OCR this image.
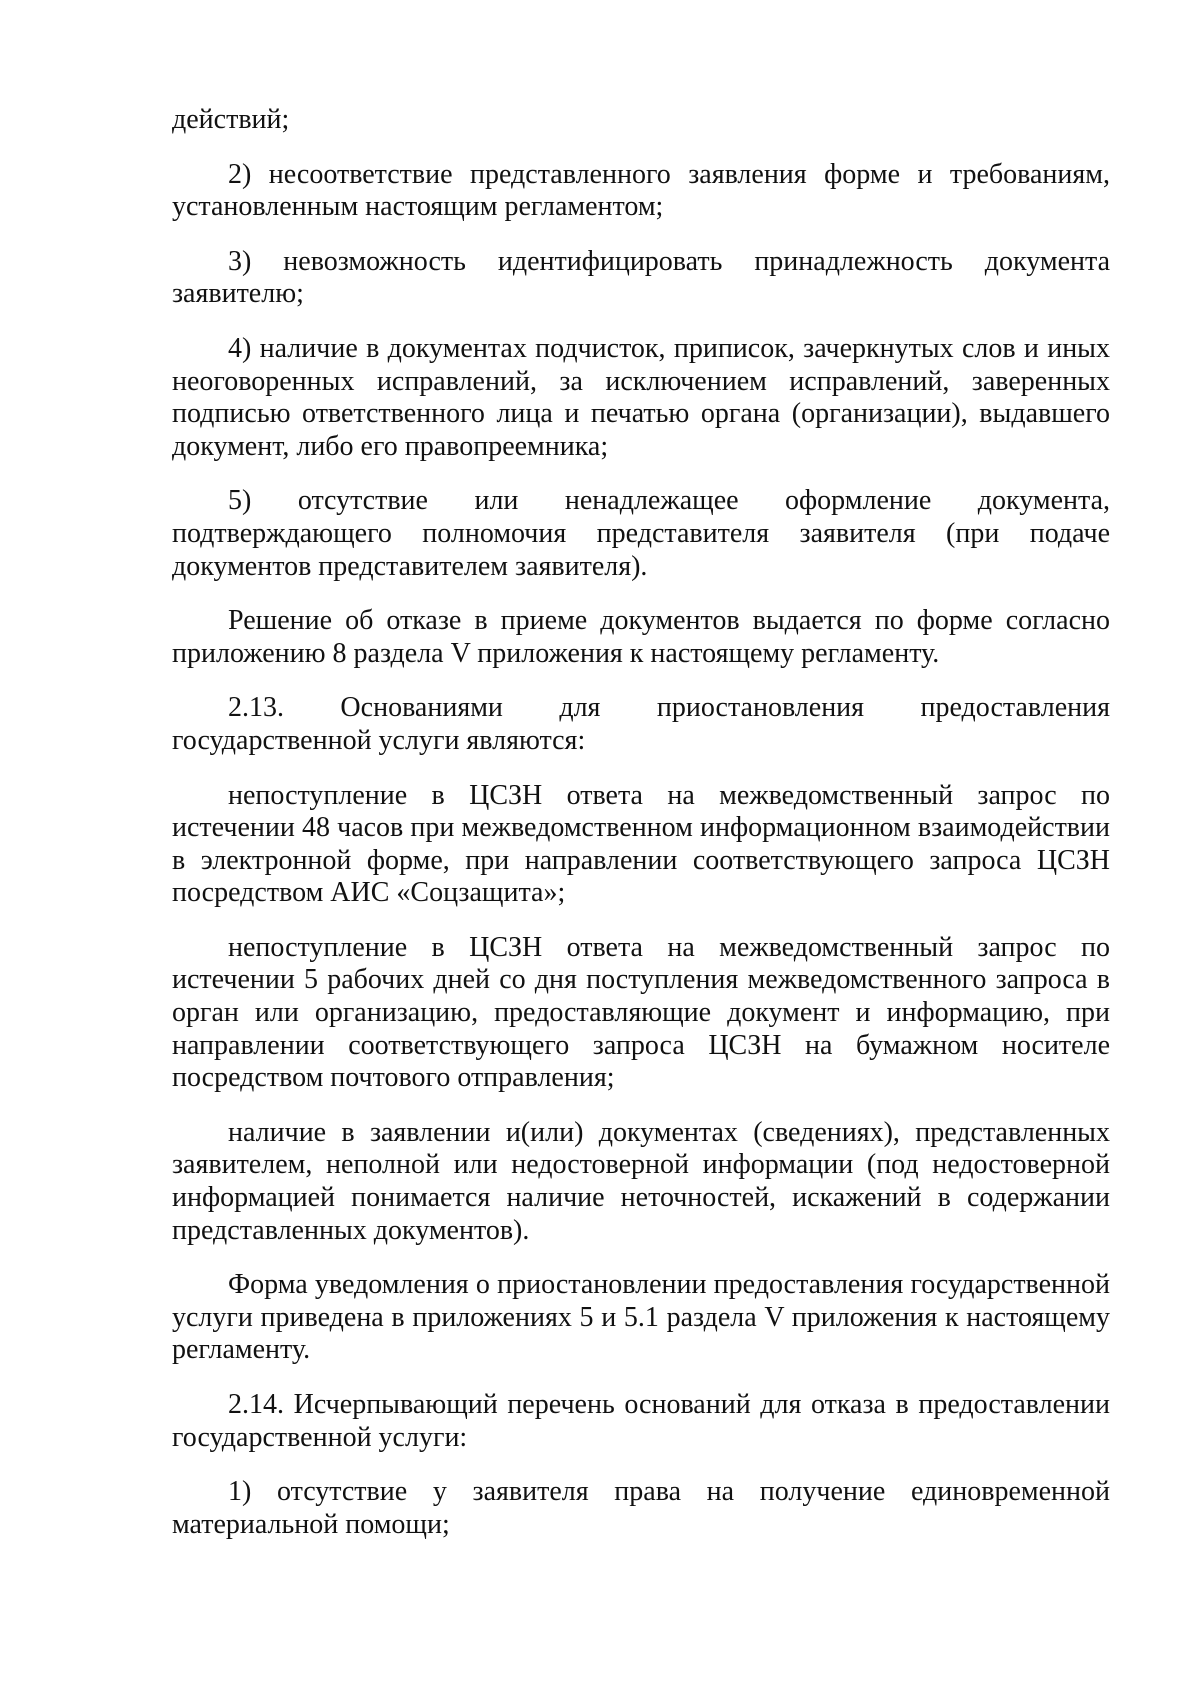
действий;

2) несоответствие представленного заявления форме и требованиям, установленным настоящим регламентом;

3) невозможность идентифицировать принадлежность документа заявителю;

4) наличие в документах подчисток, приписок, зачеркнутых слов и иных неоговоренных исправлений, за исключением исправлений, заверенных подписью ответственного лица и печатью органа (организации), выдавшего документ, либо его правопреемника;

5) отсутствие или ненадлежащее оформление документа, подтверждающего полномочия представителя заявителя (при подаче документов представителем заявителя).

Решение об отказе в приеме документов выдается по форме согласно приложению 8 раздела V приложения к настоящему регламенту.

2.13. Основаниями для приостановления предоставления государственной услуги являются:

непоступление в ЦСЗН ответа на межведомственный запрос по истечении 48 часов при межведомственном информационном взаимодействии в электронной форме, при направлении соответствующего запроса ЦСЗН посредством АИС «Соцзащита»;

непоступление в ЦСЗН ответа на межведомственный запрос по истечении 5 рабочих дней со дня поступления межведомственного запроса в орган или организацию, предоставляющие документ и информацию, при направлении соответствующего запроса ЦСЗН на бумажном носителе посредством почтового отправления;

наличие в заявлении и(или) документах (сведениях), представленных заявителем, неполной или недостоверной информации (под недостоверной информацией понимается наличие неточностей, искажений в содержании представленных документов).

Форма уведомления о приостановлении предоставления государственной услуги приведена в приложениях 5 и 5.1 раздела V приложения к настоящему регламенту.

2.14. Исчерпывающий перечень оснований для отказа в предоставлении государственной услуги:

1) отсутствие у заявителя права на получение единовременной материальной помощи;
